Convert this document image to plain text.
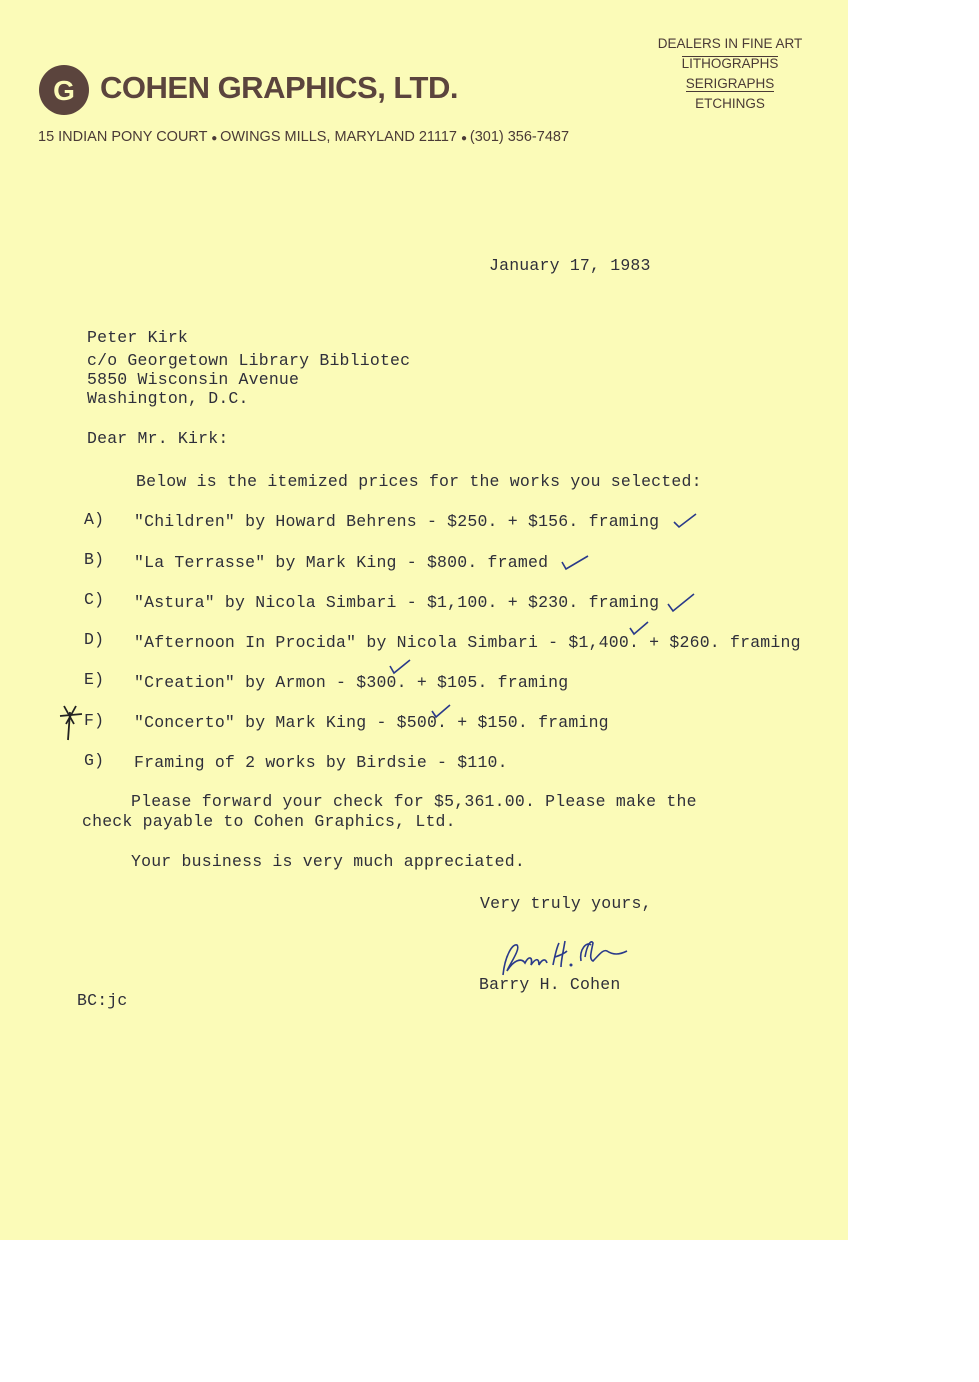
G COHEN GRAPHICS, LTD.
15 INDIAN PONY COURT ● OWINGS MILLS, MARYLAND 21117 ● (301) 356-7487
DEALERS IN FINE ART
LITHOGRAPHS
SERIGRAPHS
ETCHINGS
January 17, 1983
Peter Kirk
c/o Georgetown Library Bibliotec
5850 Wisconsin Avenue
Washington, D.C.
Dear Mr. Kirk:
Below is the itemized prices for the works you selected:
A) "Children" by Howard Behrens - $250. + $156. framing
B) "La Terrasse" by Mark King - $800. framed
C) "Astura" by Nicola Simbari - $1,100. + $230. framing
D) "Afternoon In Procida" by Nicola Simbari - $1,400. + $260. framing
E) "Creation" by Armon - $300. + $105. framing
F) "Concerto" by Mark King - $500. + $150. framing
G) Framing of 2 works by Birdsie - $110.
Please forward your check for $5,361.00. Please make the
check payable to Cohen Graphics, Ltd.
Your business is very much appreciated.
Very truly yours,
Barry H. Cohen
BC:jc
